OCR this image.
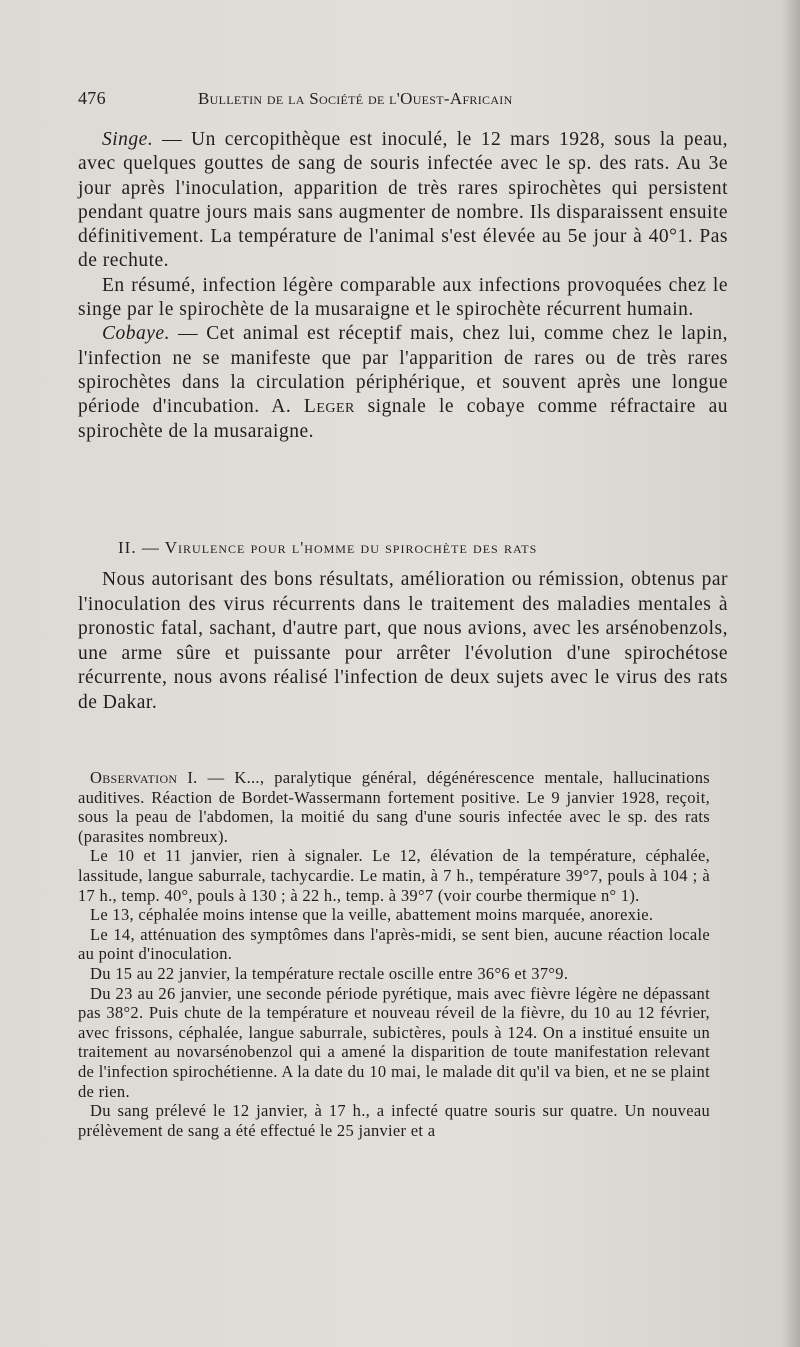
476	Bulletin de la Société de l'Ouest-Africain

Singe. — Un cercopithèque est inoculé, le 12 mars 1928, sous la peau, avec quelques gouttes de sang de souris infectée avec le sp. des rats. Au 3e jour après l'inoculation, apparition de très rares spirochètes qui persistent pendant quatre jours mais sans augmenter de nombre. Ils disparaissent ensuite définitivement. La température de l'animal s'est élevée au 5e jour à 40°1. Pas de rechute.

En résumé, infection légère comparable aux infections provoquées chez le singe par le spirochète de la musaraigne et le spirochète récurrent humain.

Cobaye. — Cet animal est réceptif mais, chez lui, comme chez le lapin, l'infection ne se manifeste que par l'apparition de rares ou de très rares spirochètes dans la circulation périphérique, et souvent après une longue période d'incubation. A. Leger signale le cobaye comme réfractaire au spirochète de la musaraigne.

II. — Virulence pour l'homme du spirochète des rats

Nous autorisant des bons résultats, amélioration ou rémission, obtenus par l'inoculation des virus récurrents dans le traitement des maladies mentales à pronostic fatal, sachant, d'autre part, que nous avions, avec les arsénobenzols, une arme sûre et puissante pour arrêter l'évolution d'une spirochétose récurrente, nous avons réalisé l'infection de deux sujets avec le virus des rats de Dakar.

Observation I. — K..., paralytique général, dégénérescence mentale, hallucinations auditives. Réaction de Bordet-Wassermann fortement positive. Le 9 janvier 1928, reçoit, sous la peau de l'abdomen, la moitié du sang d'une souris infectée avec le sp. des rats (parasites nombreux).

Le 10 et 11 janvier, rien à signaler. Le 12, élévation de la température, céphalée, lassitude, langue saburrale, tachycardie. Le matin, à 7 h., température 39°7, pouls à 104 ; à 17 h., temp. 40°, pouls à 130 ; à 22 h., temp. à 39°7 (voir courbe thermique n° 1).

Le 13, céphalée moins intense que la veille, abattement moins marquée, anorexie.

Le 14, atténuation des symptômes dans l'après-midi, se sent bien, aucune réaction locale au point d'inoculation.

Du 15 au 22 janvier, la température rectale oscille entre 36°6 et 37°9.

Du 23 au 26 janvier, une seconde période pyrétique, mais avec fièvre légère ne dépassant pas 38°2. Puis chute de la température et nouveau réveil de la fièvre, du 10 au 12 février, avec frissons, céphalée, langue saburrale, subictères, pouls à 124. On a institué ensuite un traitement au novarsénobenzol qui a amené la disparition de toute manifestation relevant de l'infection spirochétienne. A la date du 10 mai, le malade dit qu'il va bien, et ne se plaint de rien.

Du sang prélevé le 12 janvier, à 17 h., a infecté quatre souris sur quatre. Un nouveau prélèvement de sang a été effectué le 25 janvier et a
